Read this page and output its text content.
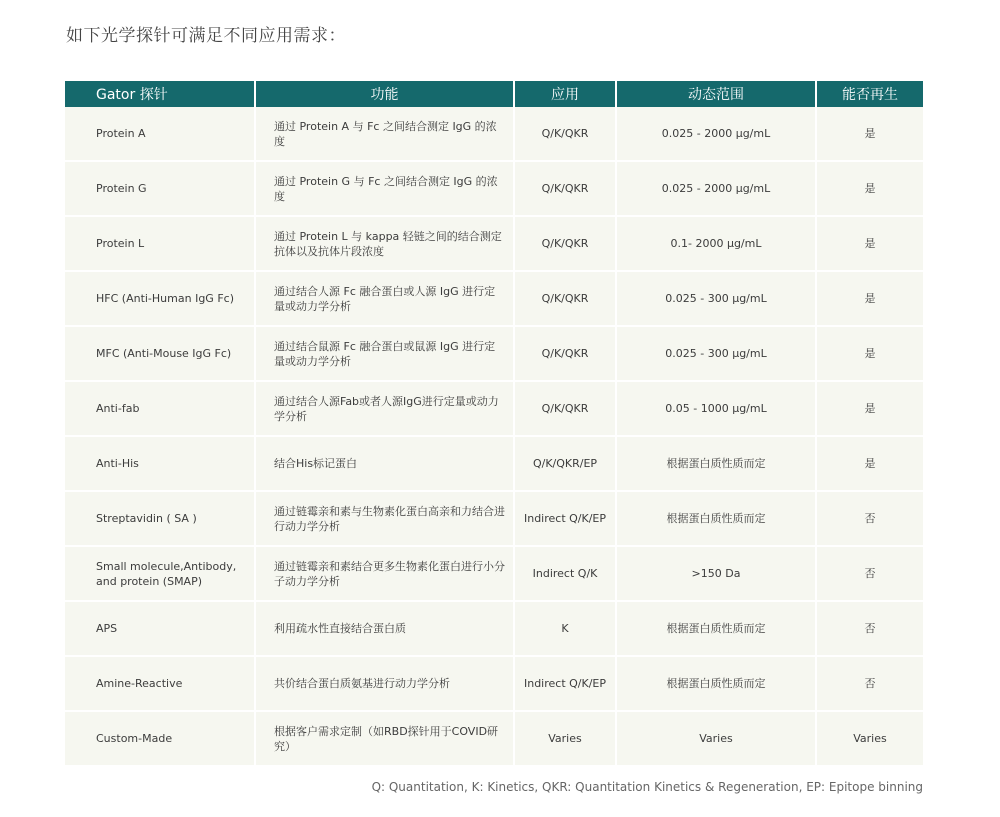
如下光学探针可满足不同应用需求：

Gator 探针	功能	应用	动态范围	能否再生
Protein A	通过 Protein A 与 Fc 之间结合测定 IgG 的浓度	Q/K/QKR	0.025 - 2000 μg/mL	是
Protein G	通过 Protein G 与 Fc 之间结合测定 IgG 的浓度	Q/K/QKR	0.025 - 2000 μg/mL	是
Protein L	通过 Protein L 与 kappa 轻链之间的结合测定抗体以及抗体片段浓度	Q/K/QKR	0.1- 2000 μg/mL	是
HFC (Anti-Human IgG Fc)	通过结合人源 Fc 融合蛋白或人源 IgG 进行定量或动力学分析	Q/K/QKR	0.025 - 300 μg/mL	是
MFC (Anti-Mouse IgG Fc)	通过结合鼠源 Fc 融合蛋白或鼠源 IgG 进行定量或动力学分析	Q/K/QKR	0.025 - 300 μg/mL	是
Anti-fab	通过结合人源Fab或者人源IgG进行定量或动力学分析	Q/K/QKR	0.05 - 1000 μg/mL	是
Anti-His	结合His标记蛋白	Q/K/QKR/EP	根据蛋白质性质而定	是
Streptavidin ( SA )	通过链霉亲和素与生物素化蛋白高亲和力结合进行动力学分析	Indirect Q/K/EP	根据蛋白质性质而定	否
Small molecule,Antibody, and protein (SMAP)	通过链霉亲和素结合更多生物素化蛋白进行小分子动力学分析	Indirect Q/K	>150 Da	否
APS	利用疏水性直接结合蛋白质	K	根据蛋白质性质而定	否
Amine-Reactive	共价结合蛋白质氨基进行动力学分析	Indirect Q/K/EP	根据蛋白质性质而定	否
Custom-Made	根据客户需求定制（如RBD探针用于COVID研究）	Varies	Varies	Varies

Q: Quantitation, K: Kinetics, QKR: Quantitation Kinetics & Regeneration, EP: Epitope binning
